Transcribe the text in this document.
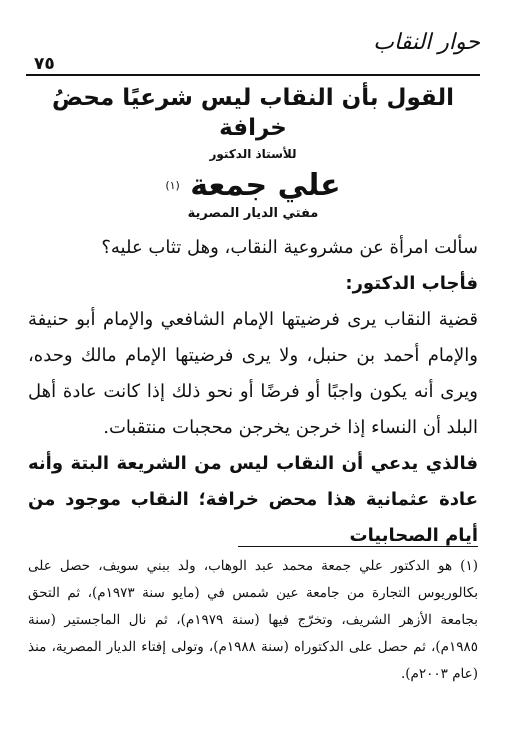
حوار النقاب
٧٥
القول بأن النقاب ليس شرعيًا محضُ خرافة
للأستاذ الدكتور
علي جمعة $^{(١)}$
مفتي الديار المصرية

سألت امرأة عن مشروعية النقاب، وهل تثاب عليه؟

فأجاب الدكتور:

قضية النقاب يرى فرضيتها الإمام الشافعي والإمام أبو حنيفة والإمام أحمد بن حنبل، ولا يرى فرضيتها الإمام مالك وحده، ويرى أنه يكون واجبًا أو فرضًا أو نحو ذلك إذا كانت عادة أهل البلد أن النساء إذا خرجن يخرجن محجبات منتقبات.

فالذي يدعي أن النقاب ليس من الشريعة البتة وأنه عادة عثمانية هذا محض خرافة؛ النقاب موجود من أيام الصحابيات

(١) هو الدكتور علي جمعة محمد عبد الوهاب، ولد ببني سويف، حصل على بكالوريوس التجارة من جامعة عين شمس في (مايو سنة ١٩٧٣م)، ثم التحق بجامعة الأزهر الشريف، وتخرّج فيها (سنة ١٩٧٩م)، ثم نال الماجستير (سنة ١٩٨٥م)، ثم حصل على الدكتوراه (سنة ١٩٨٨م)، وتولى إفتاء الديار المصرية، منذ (عام ٢٠٠٣م).
